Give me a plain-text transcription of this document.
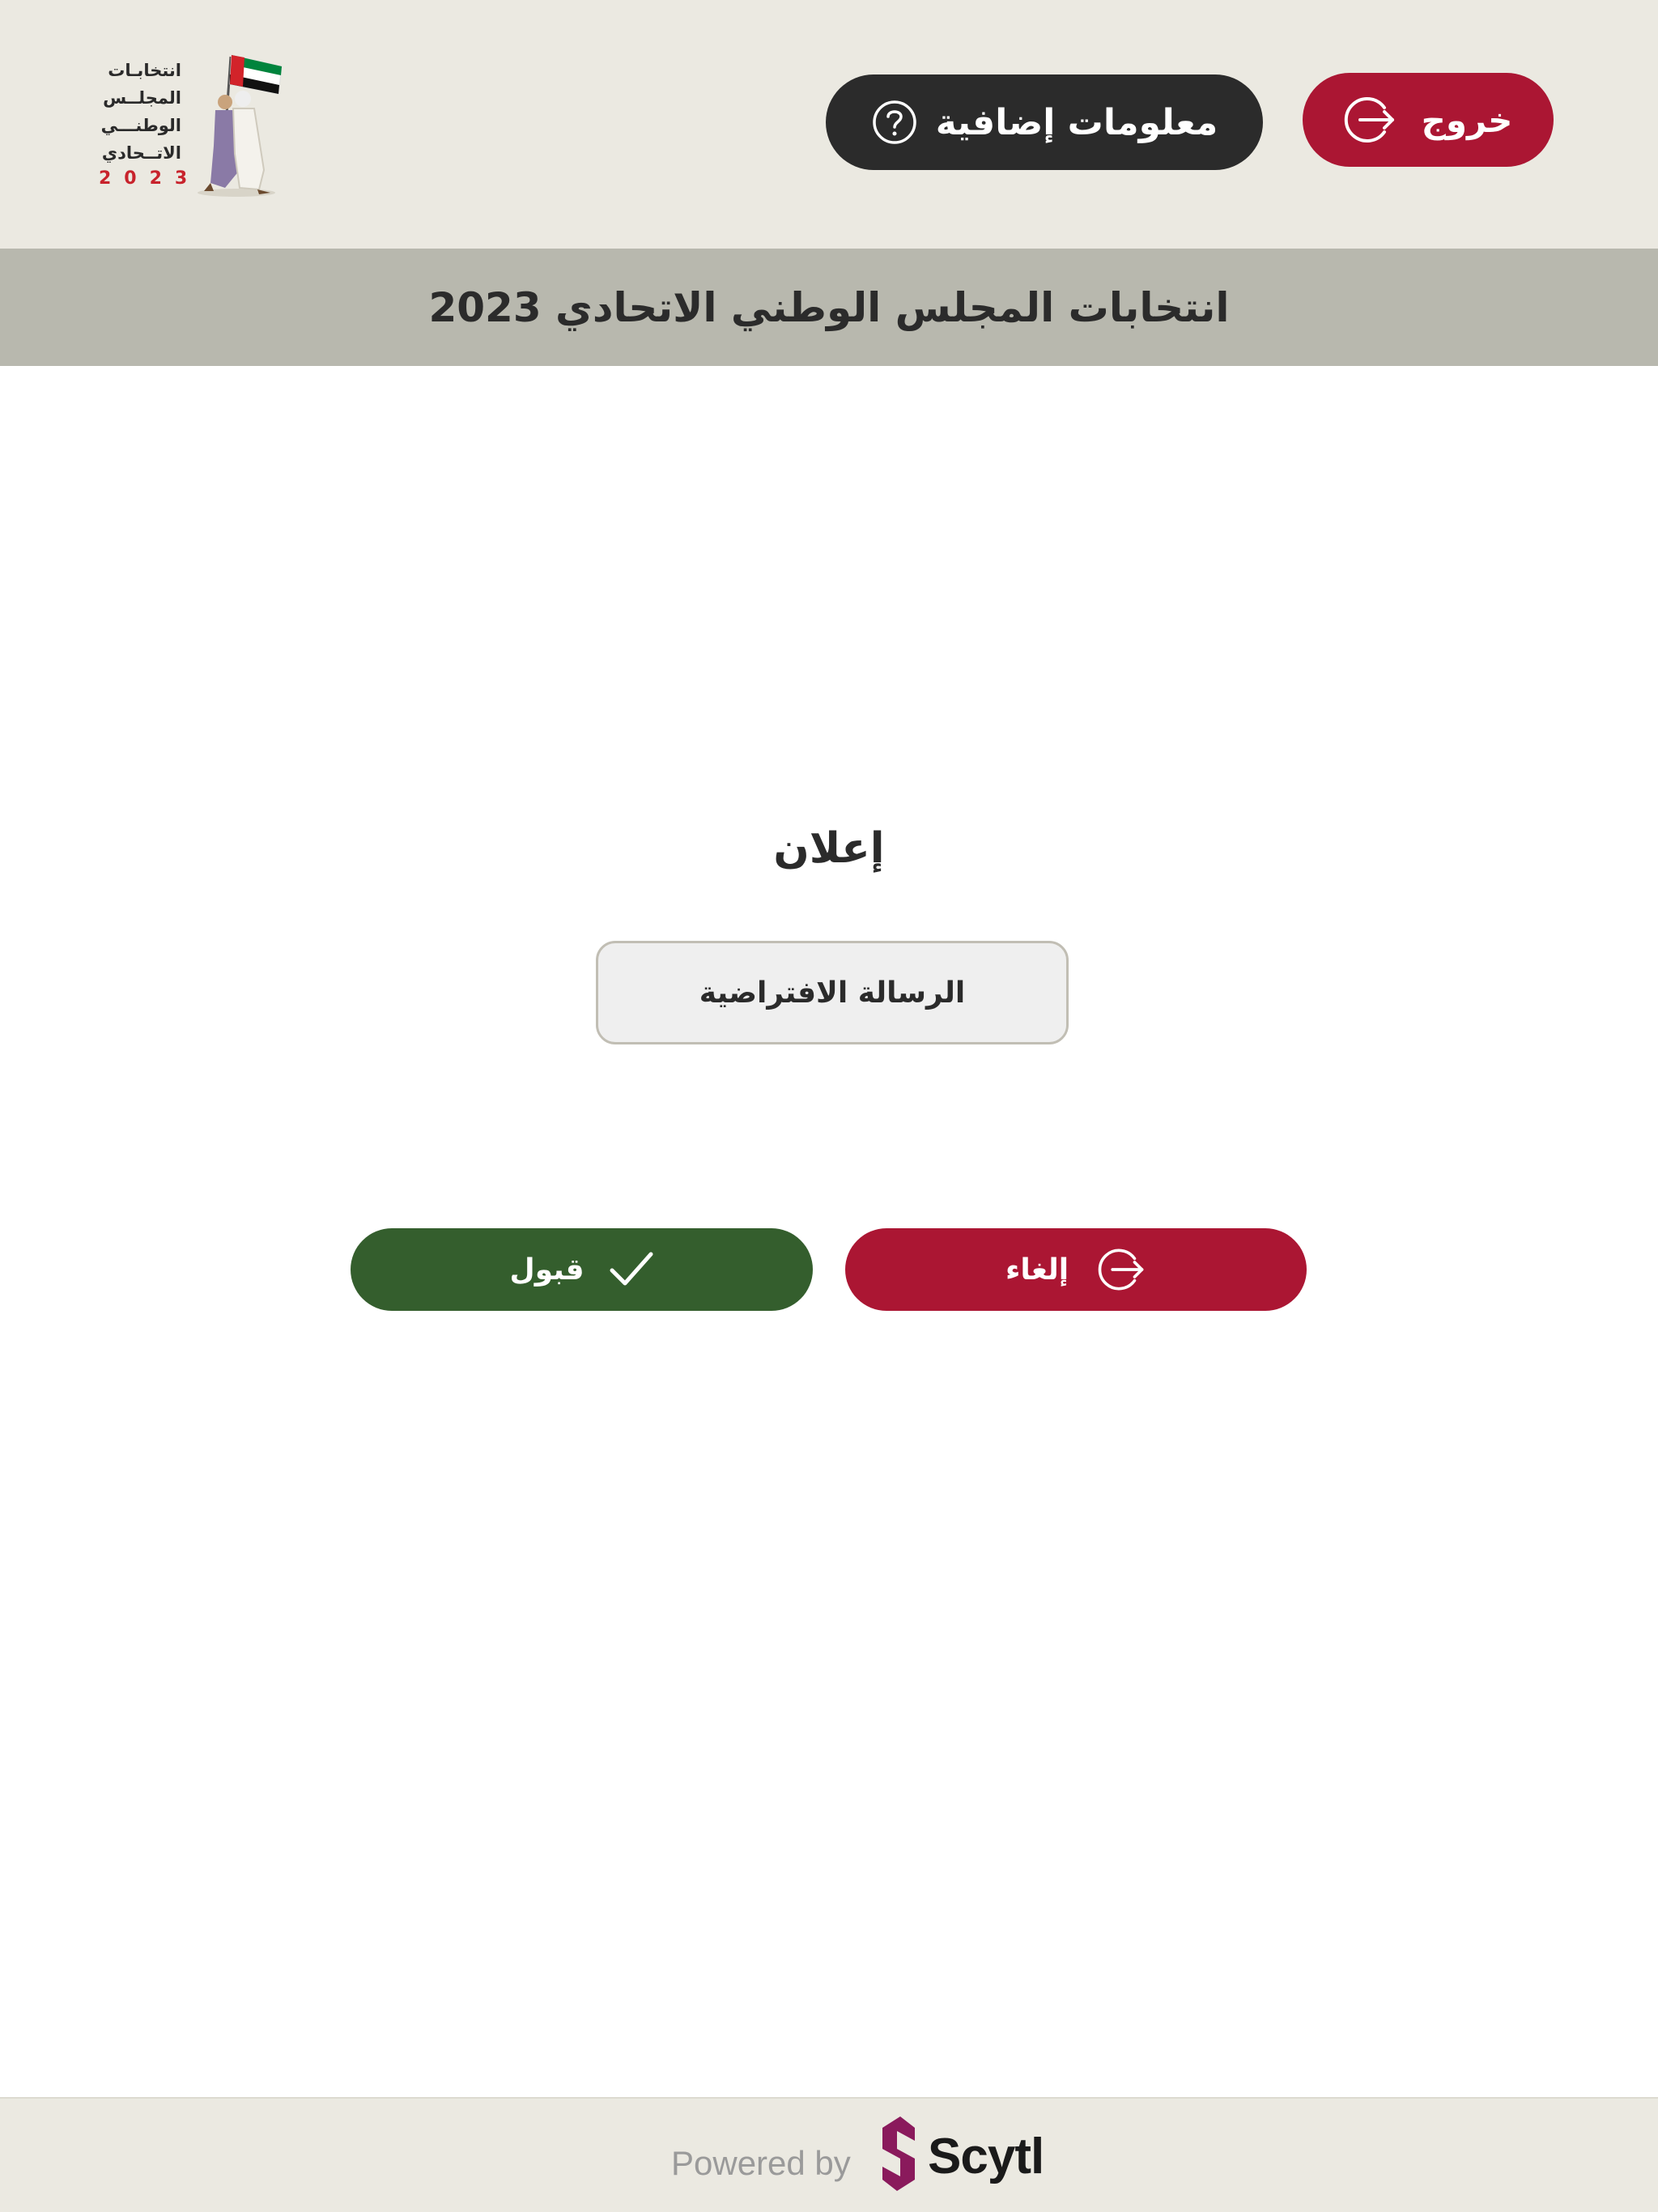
انتخابـات
المجلــس
الوطنـــي
الاتــحادي
2023
معلومات إضافية	خروج
انتخابات المجلس الوطني الاتحادي 2023
إعلان
الرسالة الافتراضية
قبول	إلغاء
Powered by Scytl
